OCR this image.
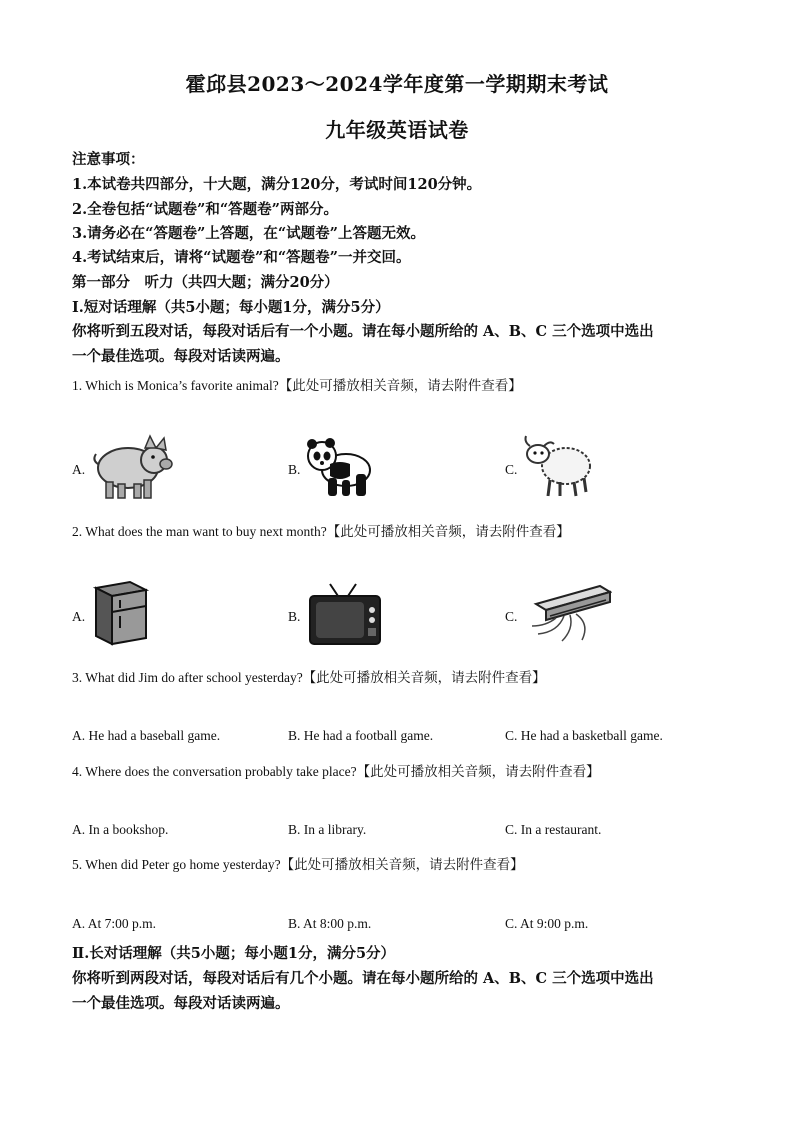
霍邱县2023～2024学年度第一学期期末考试
九年级英语试卷
注意事项：
1.本试卷共四部分，十大题，满分120分，考试时间120分钟。
2.全卷包括“试题卷”和“答题卷”两部分。
3.请务必在“答题卷”上答题，在“试题卷”上答题无效。
4.考试结束后，请将“试题卷”和“答题卷”一并交回。
第一部分　听力（共四大题；满分20分）
Ⅰ.短对话理解（共5小题；每小题1分，满分5分）
你将听到五段对话，每段对话后有一个小题。请在每小题所给的 A、B、C 三个选项中选出
一个最佳选项。每段对话读两遍。
1. Which is Monica’s favorite animal?【此处可播放相关音频，请去附件查看】
A.	B.	C.
2. What does the man want to buy next month?【此处可播放相关音频，请去附件查看】
A.	B.	C.
3. What did Jim do after school yesterday?【此处可播放相关音频，请去附件查看】
A. He had a baseball game.	B. He had a football game.	C. He had a basketball game.
4. Where does the conversation probably take place?【此处可播放相关音频，请去附件查看】
A. In a bookshop.	B. In a library.	C. In a restaurant.
5. When did Peter go home yesterday?【此处可播放相关音频，请去附件查看】
A. At 7:00 p.m.	B. At 8:00 p.m.	C. At 9:00 p.m.
Ⅱ.长对话理解（共5小题；每小题1分，满分5分）
你将听到两段对话，每段对话后有几个小题。请在每小题所给的 A、B、C 三个选项中选出
一个最佳选项。每段对话读两遍。
